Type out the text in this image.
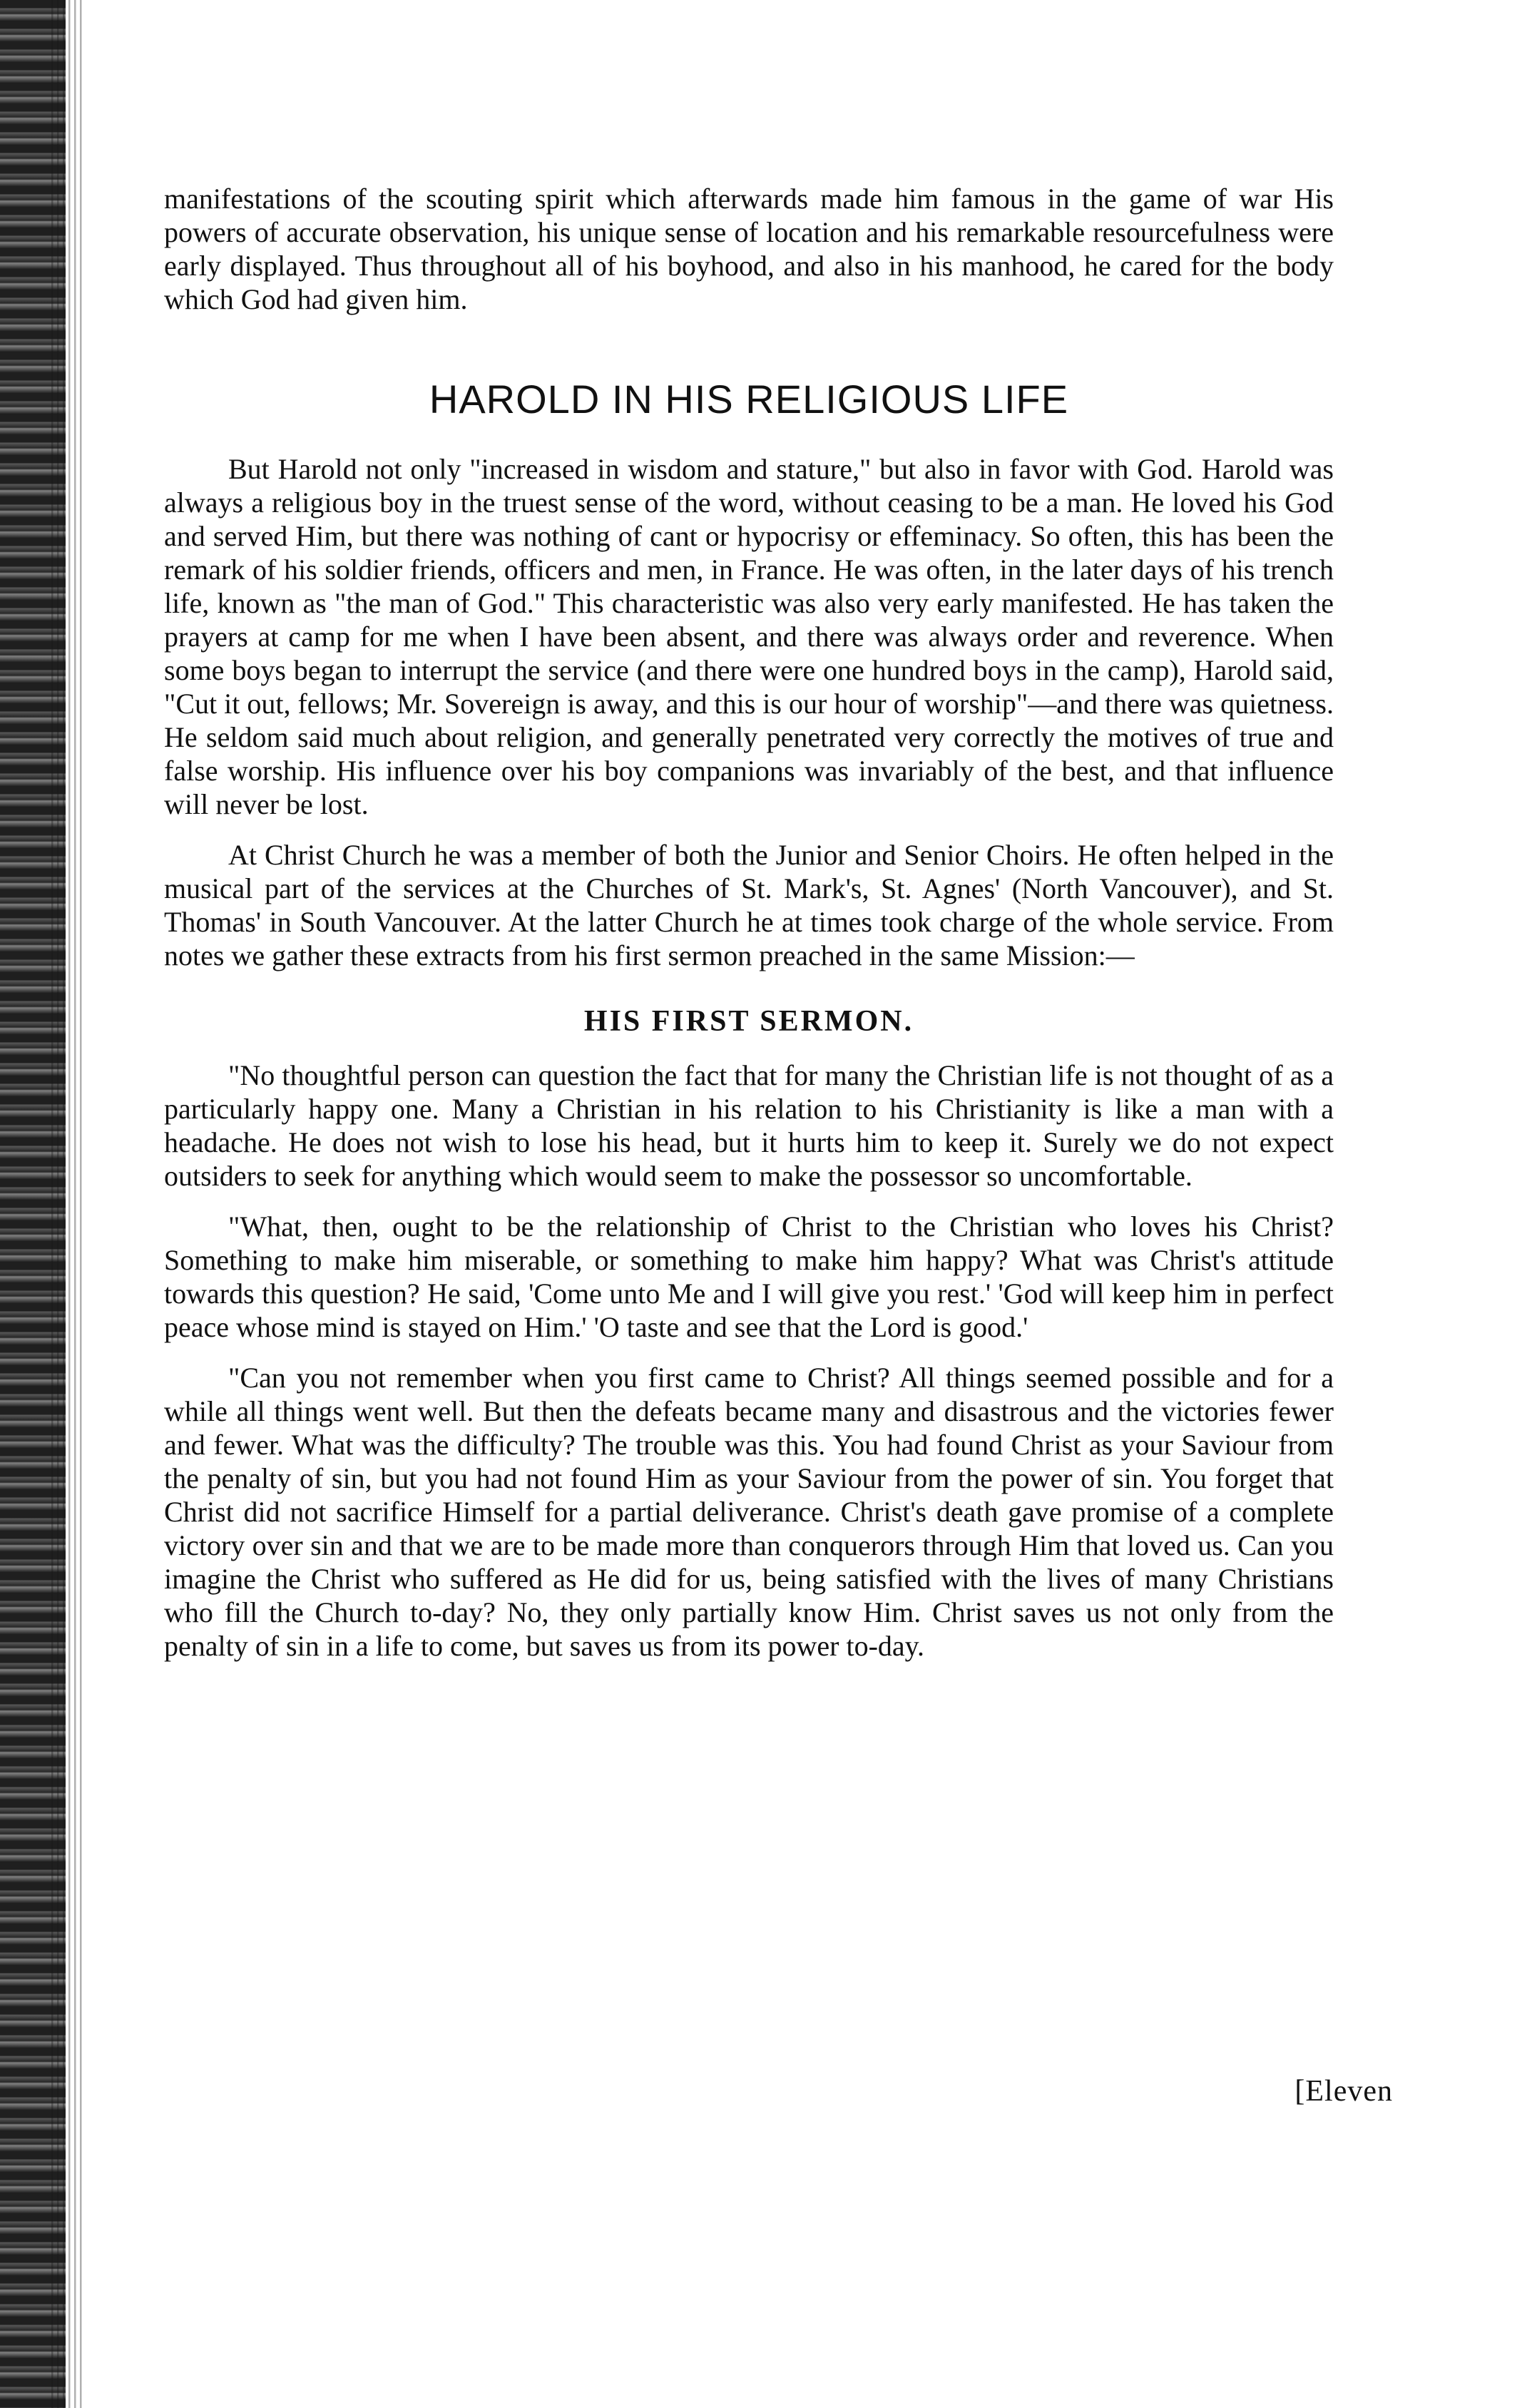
manifestations of the scouting spirit which afterwards made him famous in the game of war His powers of accurate observation, his unique sense of location and his remarkable resourcefulness were early displayed. Thus throughout all of his boyhood, and also in his manhood, he cared for the body which God had given him.

HAROLD IN HIS RELIGIOUS LIFE

But Harold not only "increased in wisdom and stature," but also in favor with God. Harold was always a religious boy in the truest sense of the word, without ceasing to be a man. He loved his God and served Him, but there was nothing of cant or hypocrisy or effeminacy. So often, this has been the remark of his soldier friends, officers and men, in France. He was often, in the later days of his trench life, known as "the man of God." This characteristic was also very early manifested. He has taken the prayers at camp for me when I have been absent, and there was always order and reverence. When some boys began to interrupt the service (and there were one hundred boys in the camp), Harold said, "Cut it out, fellows; Mr. Sovereign is away, and this is our hour of worship"—and there was quietness. He seldom said much about religion, and generally penetrated very correctly the motives of true and false worship. His influence over his boy companions was invariably of the best, and that influence will never be lost.

At Christ Church he was a member of both the Junior and Senior Choirs. He often helped in the musical part of the services at the Churches of St. Mark's, St. Agnes' (North Vancouver), and St. Thomas' in South Vancouver. At the latter Church he at times took charge of the whole service. From notes we gather these extracts from his first sermon preached in the same Mission:—

HIS FIRST SERMON.

"No thoughtful person can question the fact that for many the Christian life is not thought of as a particularly happy one. Many a Christian in his relation to his Christianity is like a man with a headache. He does not wish to lose his head, but it hurts him to keep it. Surely we do not expect outsiders to seek for anything which would seem to make the possessor so uncomfortable.

"What, then, ought to be the relationship of Christ to the Christian who loves his Christ? Something to make him miserable, or something to make him happy? What was Christ's attitude towards this question? He said, 'Come unto Me and I will give you rest.' 'God will keep him in perfect peace whose mind is stayed on Him.' 'O taste and see that the Lord is good.'

"Can you not remember when you first came to Christ? All things seemed possible and for a while all things went well. But then the defeats became many and disastrous and the victories fewer and fewer. What was the difficulty? The trouble was this. You had found Christ as your Saviour from the penalty of sin, but you had not found Him as your Saviour from the power of sin. You forget that Christ did not sacrifice Himself for a partial deliverance. Christ's death gave promise of a complete victory over sin and that we are to be made more than conquerors through Him that loved us. Can you imagine the Christ who suffered as He did for us, being satisfied with the lives of many Christians who fill the Church to-day? No, they only partially know Him. Christ saves us not only from the penalty of sin in a life to come, but saves us from its power to-day.

[Eleven
